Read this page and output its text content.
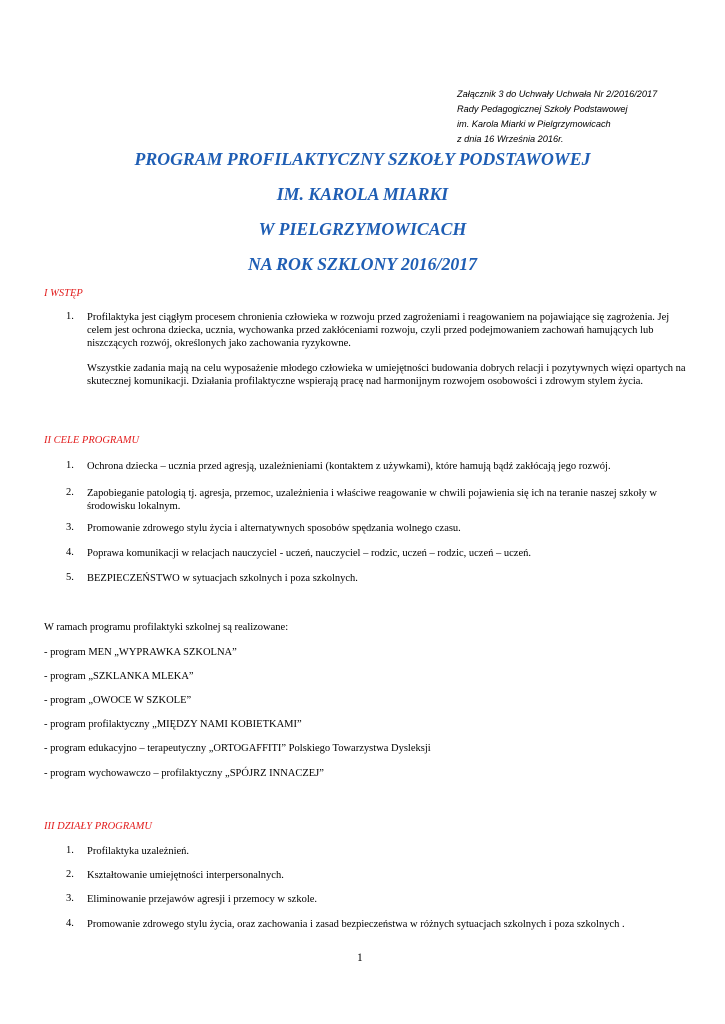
Załącznik 3 do Uchwały Uchwała Nr 2/2016/2017
Rady Pedagogicznej Szkoły Podstawowej
im. Karola Miarki w Pielgrzymowicach
z dnia 16 Września 2016r.
PROGRAM PROFILAKTYCZNY SZKOŁY PODSTAWOWEJ
IM. KAROLA MIARKI
W PIELGRZYMOWICACH
NA ROK SZKLONY 2016/2017
I WSTĘP
1. Profilaktyka jest ciągłym procesem chronienia człowieka w rozwoju przed zagrożeniami i reagowaniem na pojawiające się zagrożenia. Jej celem jest ochrona dziecka, ucznia, wychowanka przed zakłóceniami rozwoju, czyli przed podejmowaniem zachowań hamujących lub niszczących rozwój, określonych jako zachowania ryzykowne.
Wszystkie zadania mają na celu wyposażenie młodego człowieka w umiejętności budowania dobrych relacji i pozytywnych więzi opartych na skutecznej komunikacji. Działania profilaktyczne wspierają pracę nad harmonijnym rozwojem osobowości i zdrowym stylem życia.
II CELE PROGRAMU
1. Ochrona dziecka – ucznia przed agresją, uzależnieniami (kontaktem z używkami), które hamują bądź zakłócają jego rozwój.
2. Zapobieganie patologią tj. agresja, przemoc, uzależnienia i właściwe reagowanie w chwili pojawienia się ich na teranie naszej szkoły w środowisku lokalnym.
3. Promowanie zdrowego stylu życia i alternatywnych sposobów spędzania wolnego czasu.
4. Poprawa komunikacji w relacjach nauczyciel - uczeń, nauczyciel – rodzic, uczeń – rodzic, uczeń – uczeń.
5. BEZPIECZEŃSTWO w sytuacjach szkolnych i poza szkolnych.
W ramach programu profilaktyki szkolnej są realizowane:
- program MEN „WYPRAWKA SZKOLNA”
- program „SZKLANKA MLEKA”
- program „OWOCE W SZKOLE”
- program profilaktyczny „MIĘDZY NAMI KOBIETKAMI”
- program edukacyjno – terapeutyczny „ORTOGAFFITI” Polskiego Towarzystwa Dysleksji
- program wychowawczo – profilaktyczny „SPÓJRZ INNACZEJ”
III DZIAŁY PROGRAMU
1. Profilaktyka uzależnień.
2. Kształtowanie umiejętności interpersonalnych.
3. Eliminowanie przejawów agresji i przemocy w szkole.
4. Promowanie zdrowego stylu życia, oraz zachowania i zasad bezpieczeństwa w różnych sytuacjach szkolnych i poza szkolnych .
1
